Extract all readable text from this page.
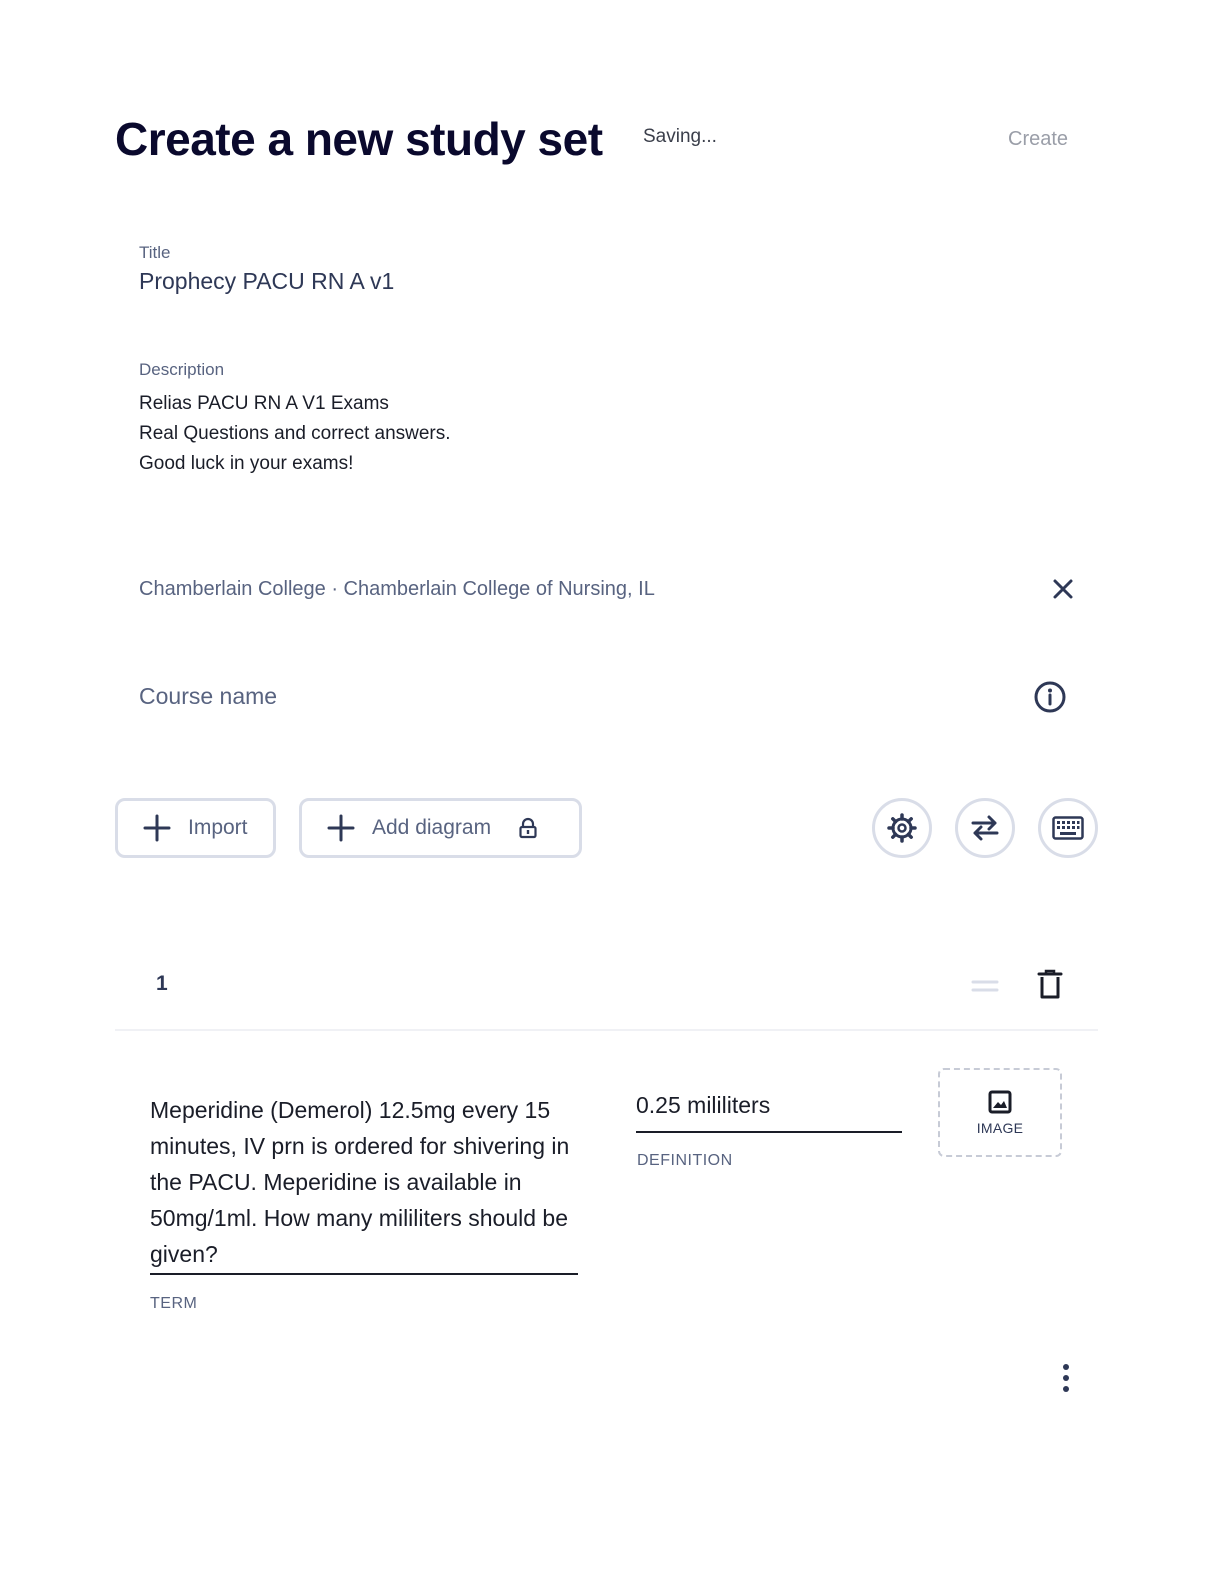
Create a new study set Saving...	Create
Title
Prophecy PACU RN A v1
Description
Relias PACU RN A V1 Exams
Real Questions and correct answers.
Good luck in your exams!
Chamberlain College · Chamberlain College of Nursing, IL
Course name
Import	Add diagram
1
Meperidine (Demerol) 12.5mg every 15 minutes, IV prn is ordered for shivering in the PACU. Meperidine is available in 50mg/1ml. How many mililiters should be given?
TERM
0.25 mililiters
DEFINITION
IMAGE
